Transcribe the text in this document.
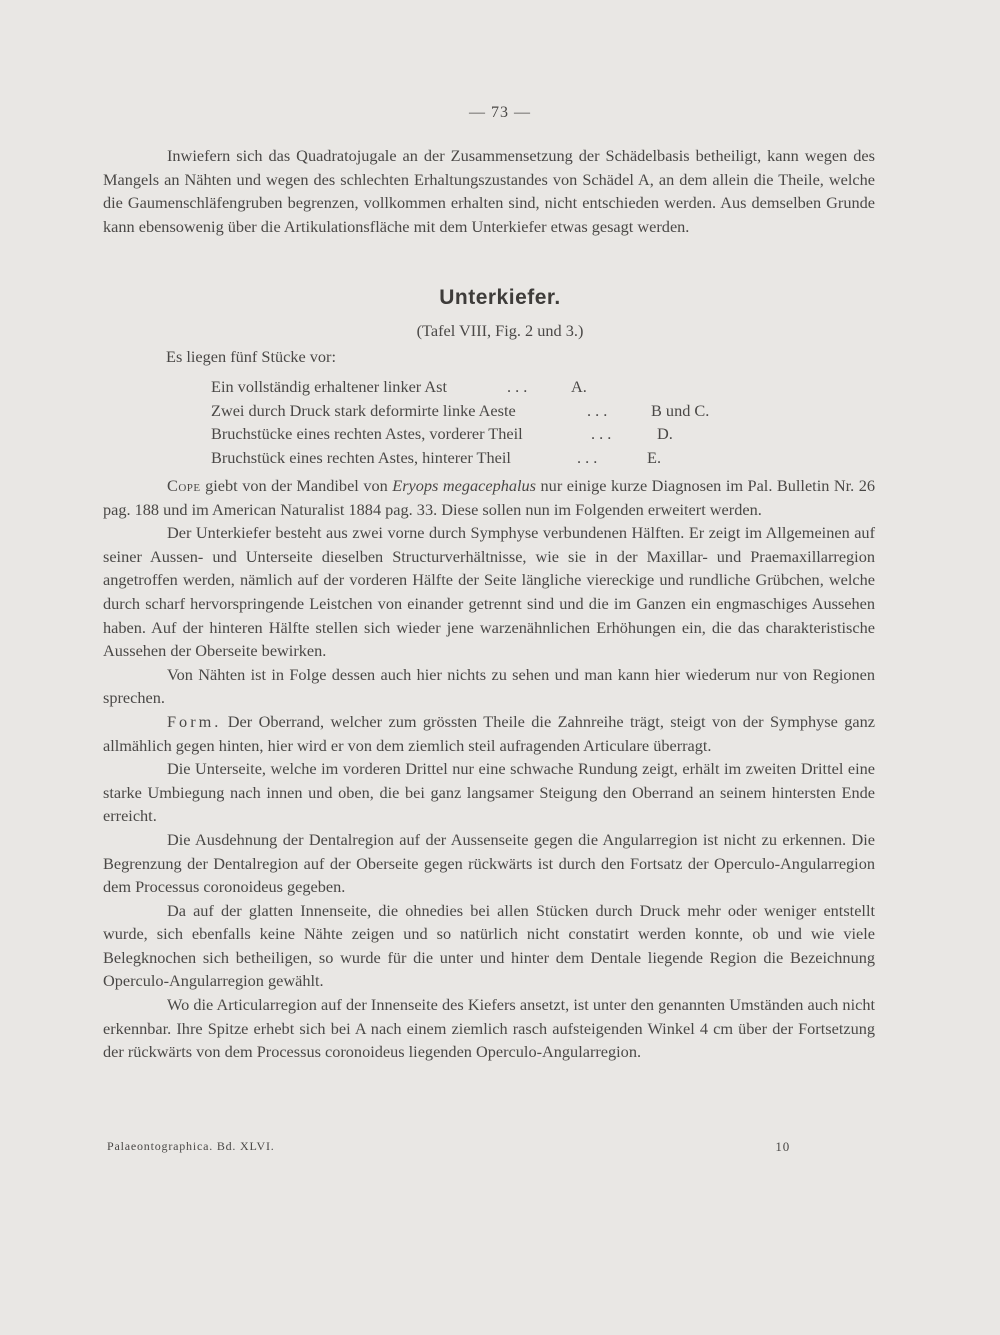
— 73 —

Inwiefern sich das Quadratojugale an der Zusammensetzung der Schädelbasis betheiligt, kann wegen des Mangels an Nähten und wegen des schlechten Erhaltungszustandes von Schädel A, an dem allein die Theile, welche die Gaumenschläfengruben begrenzen, vollkommen erhalten sind, nicht entschieden werden. Aus demselben Grunde kann ebensowenig über die Artikulationsfläche mit dem Unterkiefer etwas gesagt werden.

Unterkiefer.
(Tafel VIII, Fig. 2 und 3.)
Es liegen fünf Stücke vor:
Ein vollständig erhaltener linker Ast	. . .	A.
Zwei durch Druck stark deformirte linke Aeste	. . .	B und C.
Bruchstücke eines rechten Astes, vorderer Theil	. . .	D.
Bruchstück eines rechten Astes, hinterer Theil	. . .	E.

Cope giebt von der Mandibel von Eryops megacephalus nur einige kurze Diagnosen im Pal. Bulletin Nr. 26 pag. 188 und im American Naturalist 1884 pag. 33. Diese sollen nun im Folgenden erweitert werden.

Der Unterkiefer besteht aus zwei vorne durch Symphyse verbundenen Hälften. Er zeigt im Allgemeinen auf seiner Aussen- und Unterseite dieselben Structurverhältnisse, wie sie in der Maxillar- und Praemaxillarregion angetroffen werden, nämlich auf der vorderen Hälfte der Seite längliche viereckige und rundliche Grübchen, welche durch scharf hervorspringende Leistchen von einander getrennt sind und die im Ganzen ein engmaschiges Aussehen haben. Auf der hinteren Hälfte stellen sich wieder jene warzenähnlichen Erhöhungen ein, die das charakteristische Aussehen der Oberseite bewirken.

Von Nähten ist in Folge dessen auch hier nichts zu sehen und man kann hier wiederum nur von Regionen sprechen.

Form. Der Oberrand, welcher zum grössten Theile die Zahnreihe trägt, steigt von der Symphyse ganz allmählich gegen hinten, hier wird er von dem ziemlich steil aufragenden Articulare überragt.

Die Unterseite, welche im vorderen Drittel nur eine schwache Rundung zeigt, erhält im zweiten Drittel eine starke Umbiegung nach innen und oben, die bei ganz langsamer Steigung den Oberrand an seinem hintersten Ende erreicht.

Die Ausdehnung der Dentalregion auf der Aussenseite gegen die Angularregion ist nicht zu erkennen. Die Begrenzung der Dentalregion auf der Oberseite gegen rückwärts ist durch den Fortsatz der Operculo-Angularregion dem Processus coronoideus gegeben.

Da auf der glatten Innenseite, die ohnedies bei allen Stücken durch Druck mehr oder weniger entstellt wurde, sich ebenfalls keine Nähte zeigen und so natürlich nicht constatirt werden konnte, ob und wie viele Belegknochen sich betheiligen, so wurde für die unter und hinter dem Dentale liegende Region die Bezeichnung Operculo-Angularregion gewählt.

Wo die Articularregion auf der Innenseite des Kiefers ansetzt, ist unter den genannten Umständen auch nicht erkennbar. Ihre Spitze erhebt sich bei A nach einem ziemlich rasch aufsteigenden Winkel 4 cm über der Fortsetzung der rückwärts von dem Processus coronoideus liegenden Operculo-Angularregion.

Palaeontographica. Bd. XLVI.	10
